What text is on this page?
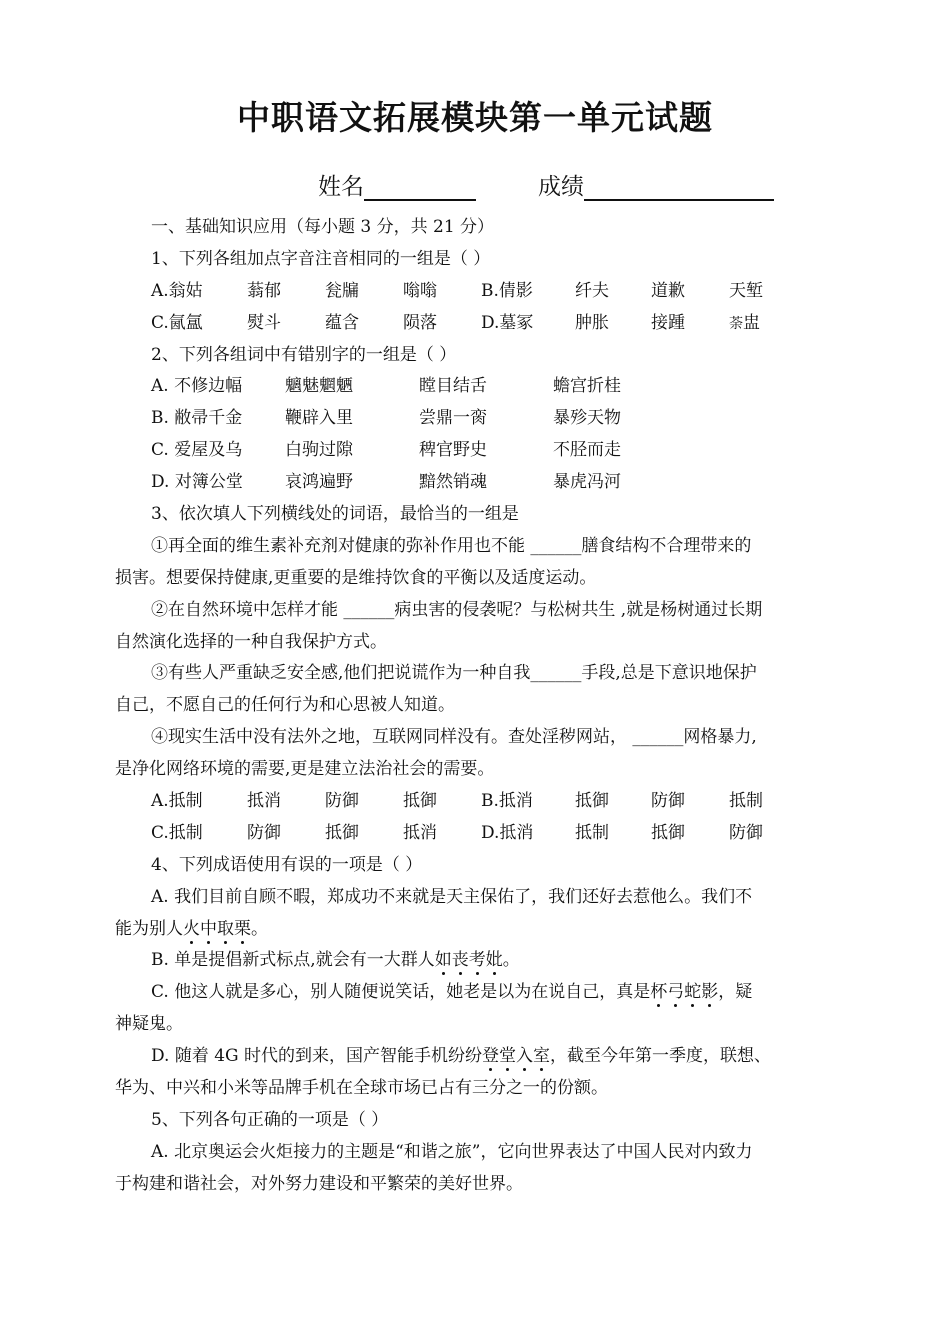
中职语文拓展模块第一单元试题
姓名	成绩
一、基础知识应用（每小题 3 分，共 21 分）
1、下列各组加点字音注音相同的一组是（ ）
A.翁姑	蓊郁	瓮牖	嗡嗡	B.倩影 纤夫 道歉	天堑
C.氤氲	熨斗	蕴含	陨落	D.墓冢 肿胀 接踵	荼盅
2、下列各组词中有错别字的一组是（ ）
A. 不修边幅	魑魅魍魉	瞠目结舌	蟾宫折桂
B. 敝帚千金	鞭辟入里	尝鼎一脔	暴殄天物
C. 爱屋及乌	白驹过隙	稗官野史	不胫而走
D. 对簿公堂 哀鸿遍野	黯然销魂	暴虎冯河
3、依次填人下列横线处的词语，最恰当的一组是
①再全面的维生素补充剂对健康的弥补作用也不能 ______膳食结构不合理带来的
损害。想要保持健康,更重要的是维持饮食的平衡以及适度运动。
②在自然环境中怎样才能 ______病虫害的侵袭呢？与松树共生 ,就是杨树通过长期
自然演化选择的一种自我保护方式。
③有些人严重缺乏安全感,他们把说谎作为一种自我______手段,总是下意识地保护
自己，不愿自己的任何行为和心思被人知道。
④现实生活中没有法外之地，互联网同样没有。查处淫秽网站， ______网格暴力,
是净化网络环境的需要,更是建立法治社会的需要。
A.抵制	抵消	防御	抵御	B.抵消 抵御 防御	抵制
C.抵制	防御	抵御	抵消	D.抵消 抵制 抵御	防御
4、下列成语使用有误的一项是（ ）
A. 我们目前自顾不暇，郑成功不来就是天主保佑了，我们还好去惹他么。我们不
能为别人火中取栗。
B. 单是提倡新式标点,就会有一大群人如丧考妣。
C. 他这人就是多心，别人随便说笑话，她老是以为在说自己，真是杯弓蛇影，疑
神疑鬼。
D. 随着 4G 时代的到来，国产智能手机纷纷登堂入室，截至今年第一季度，联想、
华为、中兴和小米等品牌手机在全球市场已占有三分之一的份额。
5、下列各句正确的一项是（ ）
A. 北京奥运会火炬接力的主题是“和谐之旅”，它向世界表达了中国人民对内致力
于构建和谐社会，对外努力建设和平繁荣的美好世界。
